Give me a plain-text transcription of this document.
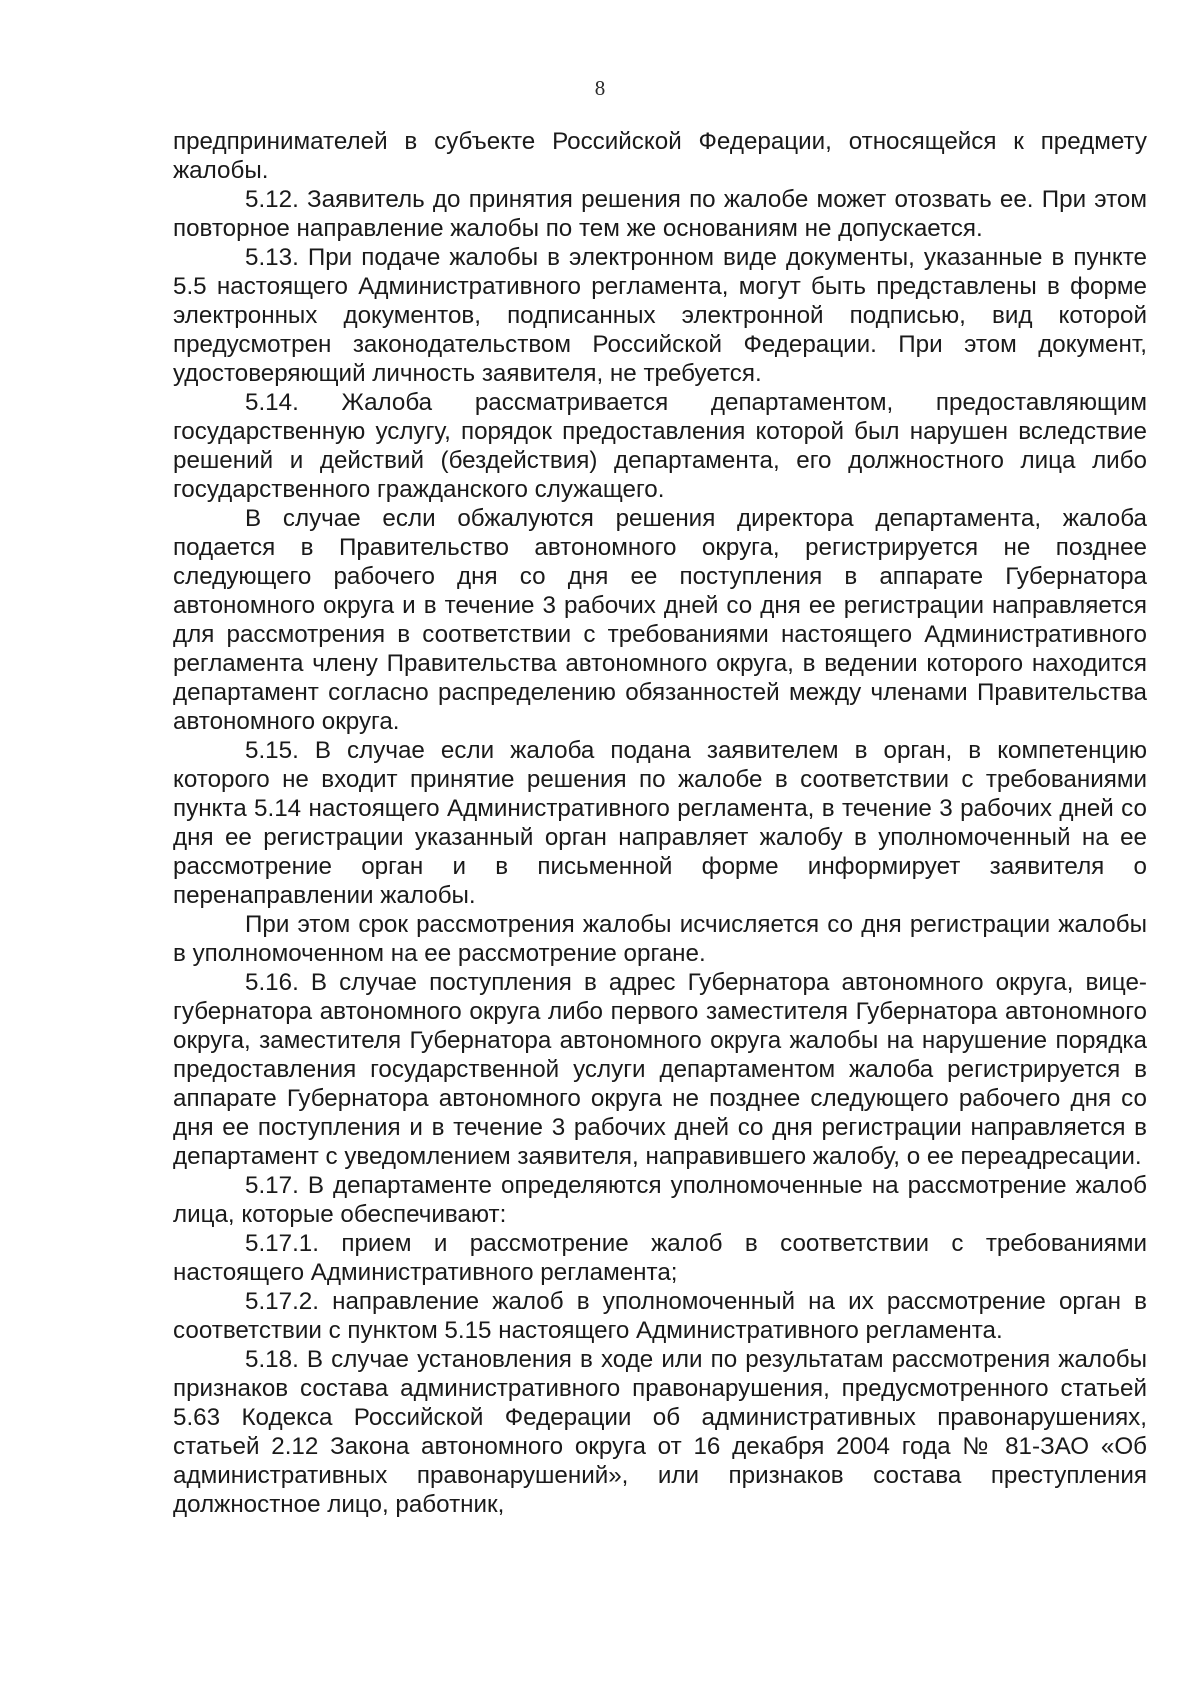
8

предпринимателей в субъекте Российской Федерации, относящейся к предмету жалобы.

5.12. Заявитель до принятия решения по жалобе может отозвать ее. При этом повторное направление жалобы по тем же основаниям не допускается.

5.13. При подаче жалобы в электронном виде документы, указанные в пункте 5.5 настоящего Административного регламента, могут быть представлены в форме электронных документов, подписанных электронной подписью, вид которой предусмотрен законодательством Российской Федерации. При этом документ, удостоверяющий личность заявителя, не требуется.

5.14. Жалоба рассматривается департаментом, предоставляющим государственную услугу, порядок предоставления которой был нарушен вследствие решений и действий (бездействия) департамента, его должностного лица либо государственного гражданского служащего.

В случае если обжалуются решения директора департамента, жалоба подается в Правительство автономного округа, регистрируется не позднее следующего рабочего дня со дня ее поступления в аппарате Губернатора автономного округа и в течение 3 рабочих дней со дня ее регистрации направляется для рассмотрения в соответствии с требованиями настоящего Административного регламента члену Правительства автономного округа, в ведении которого находится департамент согласно распределению обязанностей между членами Правительства автономного округа.

5.15. В случае если жалоба подана заявителем в орган, в компетенцию которого не входит принятие решения по жалобе в соответствии с требованиями пункта 5.14 настоящего Административного регламента, в течение 3 рабочих дней со дня ее регистрации указанный орган направляет жалобу в уполномоченный на ее рассмотрение орган и в письменной форме информирует заявителя о перенаправлении жалобы.

При этом срок рассмотрения жалобы исчисляется со дня регистрации жалобы в уполномоченном на ее рассмотрение органе.

5.16. В случае поступления в адрес Губернатора автономного округа, вице-губернатора автономного округа либо первого заместителя Губернатора автономного округа, заместителя Губернатора автономного округа жалобы на нарушение порядка предоставления государственной услуги департаментом жалоба регистрируется в аппарате Губернатора автономного округа не позднее следующего рабочего дня со дня ее поступления и в течение 3 рабочих дней со дня регистрации направляется в департамент с уведомлением заявителя, направившего жалобу, о ее переадресации.

5.17. В департаменте определяются уполномоченные на рассмотрение жалоб лица, которые обеспечивают:

5.17.1. прием и рассмотрение жалоб в соответствии с требованиями настоящего Административного регламента;

5.17.2. направление жалоб в уполномоченный на их рассмотрение орган в соответствии с пунктом 5.15 настоящего Административного регламента.

5.18. В случае установления в ходе или по результатам рассмотрения жалобы признаков состава административного правонарушения, предусмотренного статьей 5.63 Кодекса Российской Федерации об административных правонарушениях, статьей 2.12 Закона автономного округа от 16 декабря 2004 года № 81-ЗАО «Об административных правонарушений», или признаков состава преступления должностное лицо, работник,
